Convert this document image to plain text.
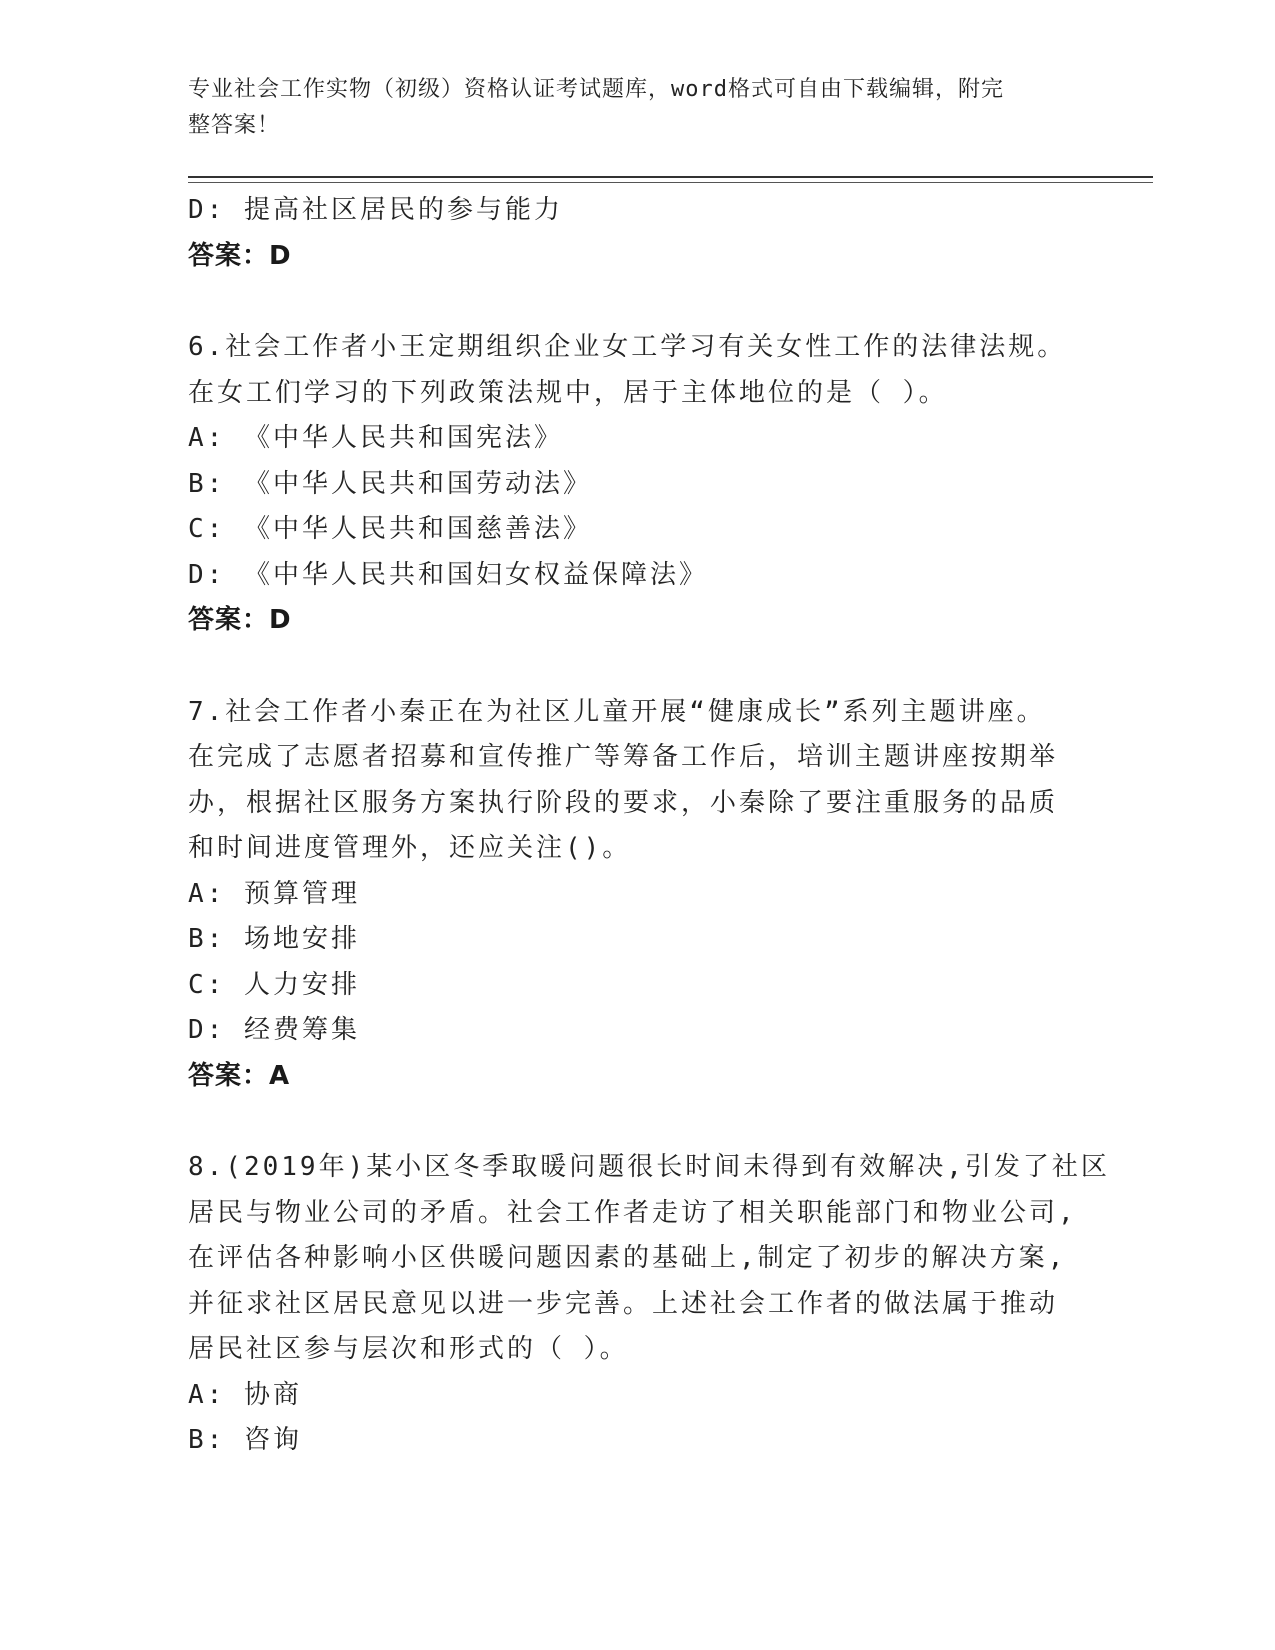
专业社会工作实物（初级）资格认证考试题库，word格式可自由下载编辑，附完
整答案！
D: 提高社区居民的参与能力
答案：D
6.社会工作者小王定期组织企业女工学习有关女性工作的法律法规。
在女工们学习的下列政策法规中，居于主体地位的是（ ）。
A: 《中华人民共和国宪法》
B: 《中华人民共和国劳动法》
C: 《中华人民共和国慈善法》
D: 《中华人民共和国妇女权益保障法》
答案：D
7.社会工作者小秦正在为社区儿童开展“健康成长”系列主题讲座。
在完成了志愿者招募和宣传推广等筹备工作后，培训主题讲座按期举
办，根据社区服务方案执行阶段的要求，小秦除了要注重服务的品质
和时间进度管理外，还应关注()。
A: 预算管理
B: 场地安排
C: 人力安排
D: 经费筹集
答案：A
8.(2019年)某小区冬季取暖问题很长时间未得到有效解决,引发了社区
居民与物业公司的矛盾。社会工作者走访了相关职能部门和物业公司,
在评估各种影响小区供暖问题因素的基础上,制定了初步的解决方案,
并征求社区居民意见以进一步完善。上述社会工作者的做法属于推动
居民社区参与层次和形式的（ ）。
A: 协商
B: 咨询
